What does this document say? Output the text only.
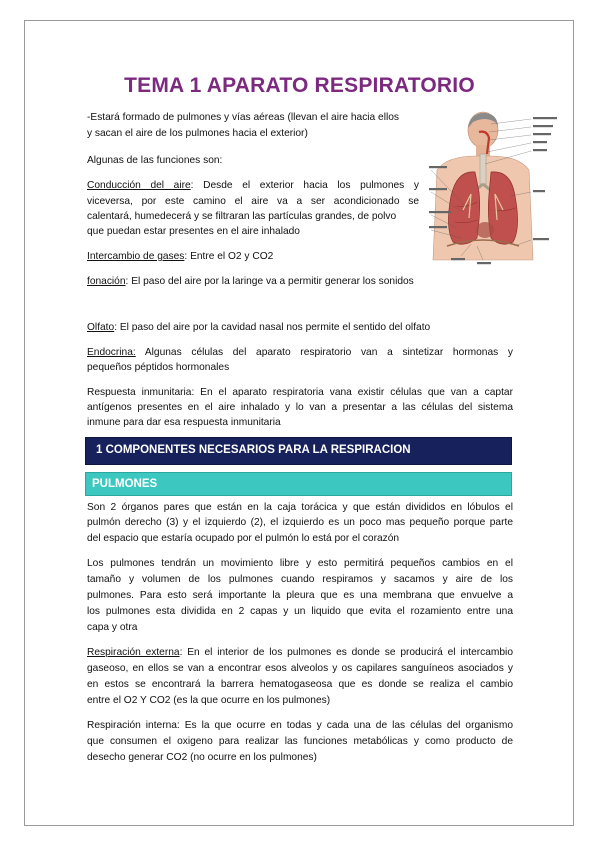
TEMA 1 APARATO RESPIRATORIO

-Estará formado de pulmones y vías aéreas (llevan el aire hacia ellos

y sacan el aire de los pulmones hacia el exterior)

Algunas de las funciones son:

Conducción del aire: Desde el exterior hacia los pulmones y

viceversa, por este camino el aire va a ser acondicionado se

calentará, humedecerá y se filtraran las partículas grandes, de polvo

que puedan estar presentes en el aire inhalado

Intercambio de gases: Entre el O2 y CO2

fonación: El paso del aire por la laringe va a permitir generar los sonidos

Olfato: El paso del aire por la cavidad nasal nos permite el sentido del olfato

Endocrina: Algunas células del aparato respiratorio van a sintetizar hormonas y

pequeños péptidos hormonales

Respuesta inmunitaria: En el aparato respiratoria vana existir células que van a captar

antígenos presentes en el aire inhalado y lo van a presentar a las células del sistema

inmune para dar esa respuesta inmunitaria

1 COMPONENTES NECESARIOS PARA LA RESPIRACION
PULMONES

Son 2 órganos pares que están en la caja torácica y que están divididos en lóbulos el

pulmón derecho (3) y el izquierdo (2), el izquierdo es un poco mas pequeño porque parte

del espacio que estaría ocupado por el pulmón lo está por el corazón

Los pulmones tendrán un movimiento libre y esto permitirá pequeños cambios en el

tamaño y volumen de los pulmones cuando respiramos y sacamos y aire de los

pulmones. Para esto será importante la pleura que es una membrana que envuelve a

los pulmones esta dividida en 2 capas y un liquido que evita el rozamiento entre una

capa y otra

Respiración externa: En el interior de los pulmones es donde se producirá el intercambio

gaseoso, en ellos se van a encontrar esos alveolos y os capilares sanguíneos asociados y

en estos se encontrará la barrera hematogaseosa que es donde se realiza el cambio

entre el O2 Y CO2 (es la que ocurre en los pulmones)

Respiración interna: Es la que ocurre en todas y cada una de las células del organismo

que consumen el oxigeno para realizar las funciones metabólicas y como producto de

desecho generar CO2 (no ocurre en los pulmones)
